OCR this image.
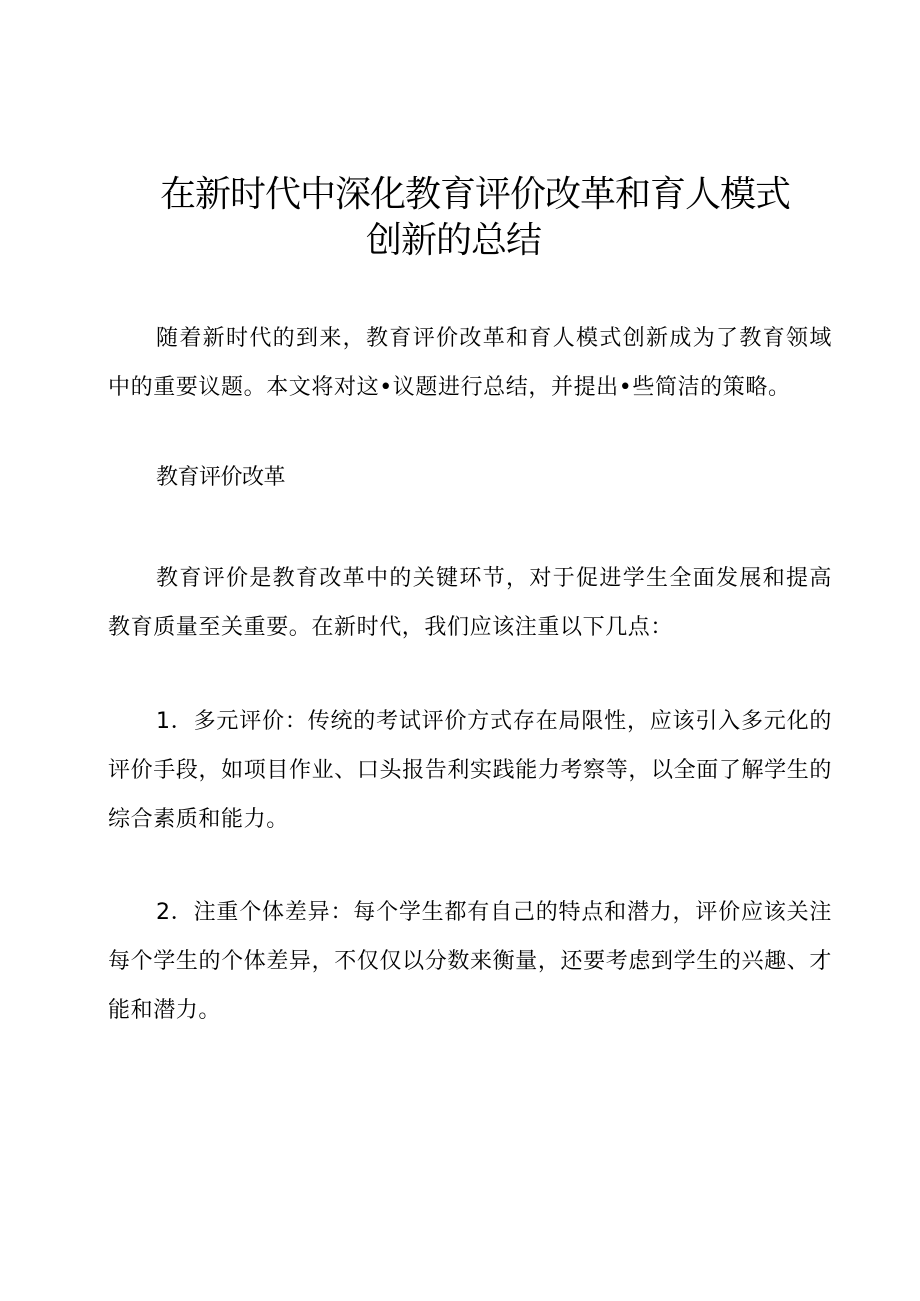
在新时代中深化教育评价改革和育人模式
创新的总结

随着新时代的到来，教育评价改革和育人模式创新成为了教育领域中的重要议题。本文将对这•议题进行总结，并提出•些简洁的策略。

教育评价改革

教育评价是教育改革中的关键环节，对于促进学生全面发展和提高教育质量至关重要。在新时代，我们应该注重以下几点：

1．多元评价：传统的考试评价方式存在局限性，应该引入多元化的评价手段，如项目作业、口头报告利实践能力考察等，以全面了解学生的综合素质和能力。

2．注重个体差异：每个学生都有自己的特点和潜力，评价应该关注每个学生的个体差异，不仅仅以分数来衡量，还要考虑到学生的兴趣、才能和潜力。
